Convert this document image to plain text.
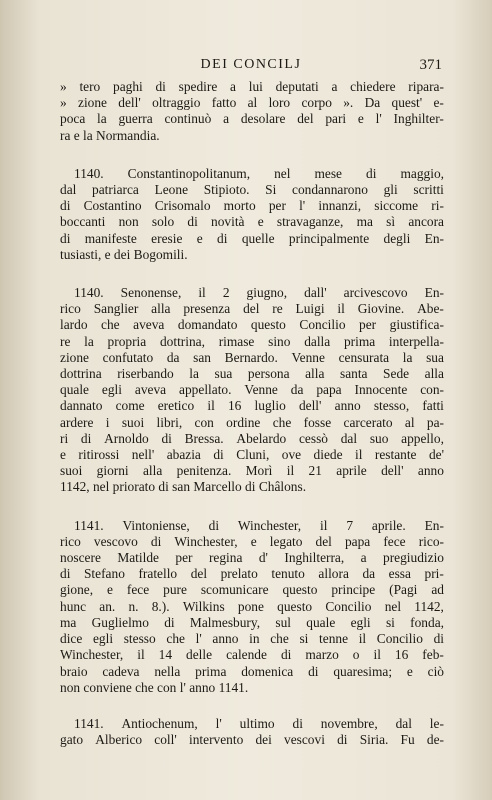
DEI CONCILJ	371
» tero paghi di spedire a lui deputati a chiedere ripara-
» zione dell' oltraggio fatto al loro corpo ». Da quest' e-
poca la guerra continuò a desolare del pari e l' Inghilter-
ra e la Normandia.
1140. Constantinopolitanum, nel mese di maggio,
dal patriarca Leone Stipioto. Si condannarono gli scritti
di Costantino Crisomalo morto per l' innanzi, siccome ri-
boccanti non solo di novità e stravaganze, ma sì ancora
di manifeste eresie e di quelle principalmente degli En-
tusiasti, e dei Bogomili.
1140. Senonense, il 2 giugno, dall' arcivescovo En-
rico Sanglier alla presenza del re Luigi il Giovine. Abe-
lardo che aveva domandato questo Concilio per giustifica-
re la propria dottrina, rimase sino dalla prima interpella-
zione confutato da san Bernardo. Venne censurata la sua
dottrina riserbando la sua persona alla santa Sede alla
quale egli aveva appellato. Venne da papa Innocente con-
dannato come eretico il 16 luglio dell' anno stesso, fatti
ardere i suoi libri, con ordine che fosse carcerato al pa-
ri di Arnoldo di Bressa. Abelardo cessò dal suo appello,
e ritirossi nell' abazia di Cluni, ove diede il restante de'
suoi giorni alla penitenza. Morì il 21 aprile dell' anno
1142, nel priorato di san Marcello di Châlons.
1141. Vintoniense, di Winchester, il 7 aprile. En-
rico vescovo di Winchester, e legato del papa fece rico-
noscere Matilde per regina d' Inghilterra, a pregiudizio
di Stefano fratello del prelato tenuto allora da essa pri-
gione, e fece pure scomunicare questo principe (Pagi ad
hunc an. n. 8.). Wilkins pone questo Concilio nel 1142,
ma Guglielmo di Malmesbury, sul quale egli si fonda,
dice egli stesso che l' anno in che si tenne il Concilio di
Winchester, il 14 delle calende di marzo o il 16 feb-
braio cadeva nella prima domenica di quaresima; e ciò
non conviene che con l' anno 1141.
1141. Antiochenum, l' ultimo di novembre, dal le-
gato Alberico coll' intervento dei vescovi di Siria. Fu de-
